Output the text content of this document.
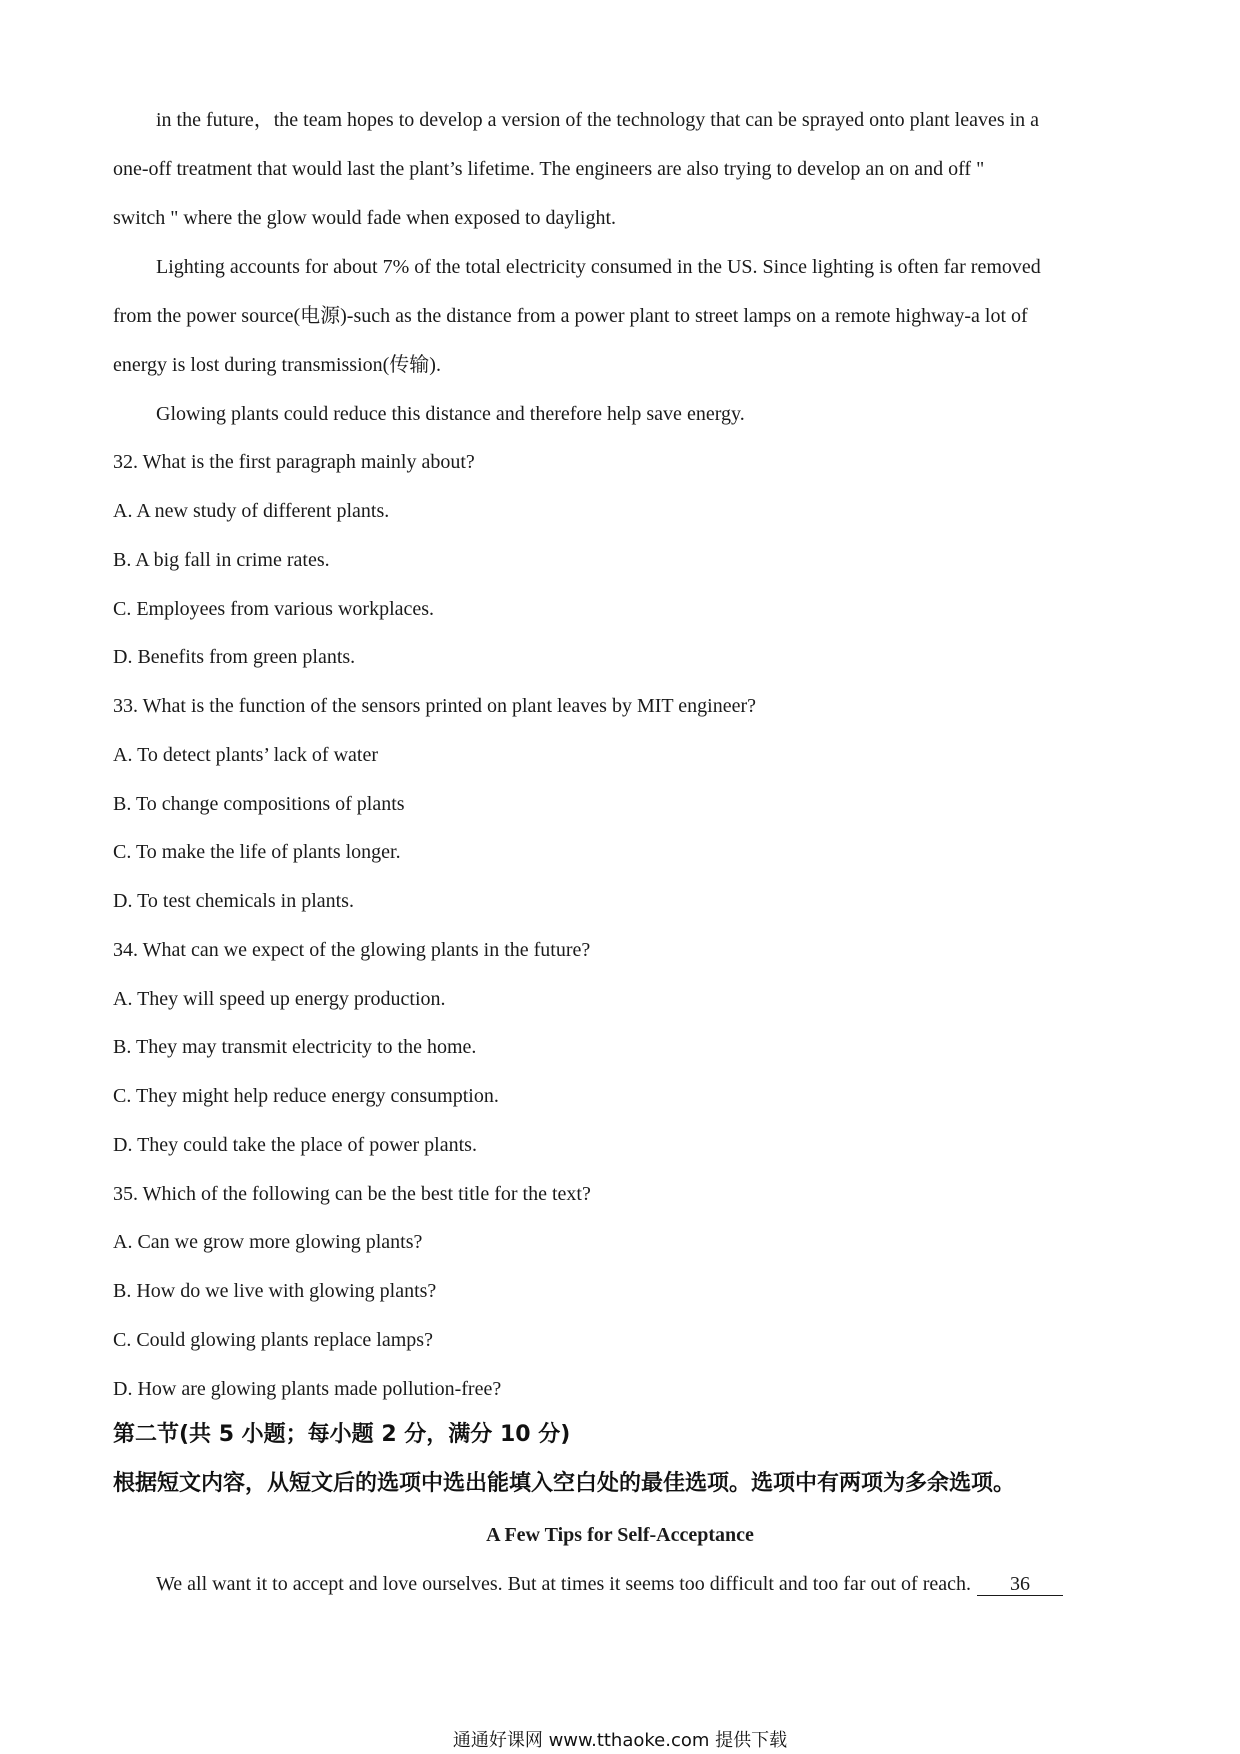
in the future，the team hopes to develop a version of the technology that can be sprayed onto plant leaves in a
one-off treatment that would last the plant’s lifetime. The engineers are also trying to develop an on and off "
switch " where the glow would fade when exposed to daylight.
Lighting accounts for about 7% of the total electricity consumed in the US. Since lighting is often far removed
from the power source(电源)-such as the distance from a power plant to street lamps on a remote highway-a lot of
energy is lost during transmission(传输).
Glowing plants could reduce this distance and therefore help save energy.
32. What is the first paragraph mainly about?
A. A new study of different plants.
B. A big fall in crime rates.
C. Employees from various workplaces.
D. Benefits from green plants.
33. What is the function of the sensors printed on plant leaves by MIT engineer?
A. To detect plants’ lack of water
B. To change compositions of plants
C. To make the life of plants longer.
D. To test chemicals in plants.
34. What can we expect of the glowing plants in the future?
A. They will speed up energy production.
B. They may transmit electricity to the home.
C. They might help reduce energy consumption.
D. They could take the place of power plants.
35. Which of the following can be the best title for the text?
A. Can we grow more glowing plants?
B. How do we live with glowing plants?
C. Could glowing plants replace lamps?
D. How are glowing plants made pollution-free?
第二节(共 5 小题；每小题 2 分，满分 10 分)
根据短文内容，从短文后的选项中选出能填入空白处的最佳选项。选项中有两项为多余选项。
A Few Tips for Self-Acceptance
We all want it to accept and love ourselves. But at times it seems too difficult and too far out of reach. 36
通通好课网 www.tthaoke.com 提供下载
